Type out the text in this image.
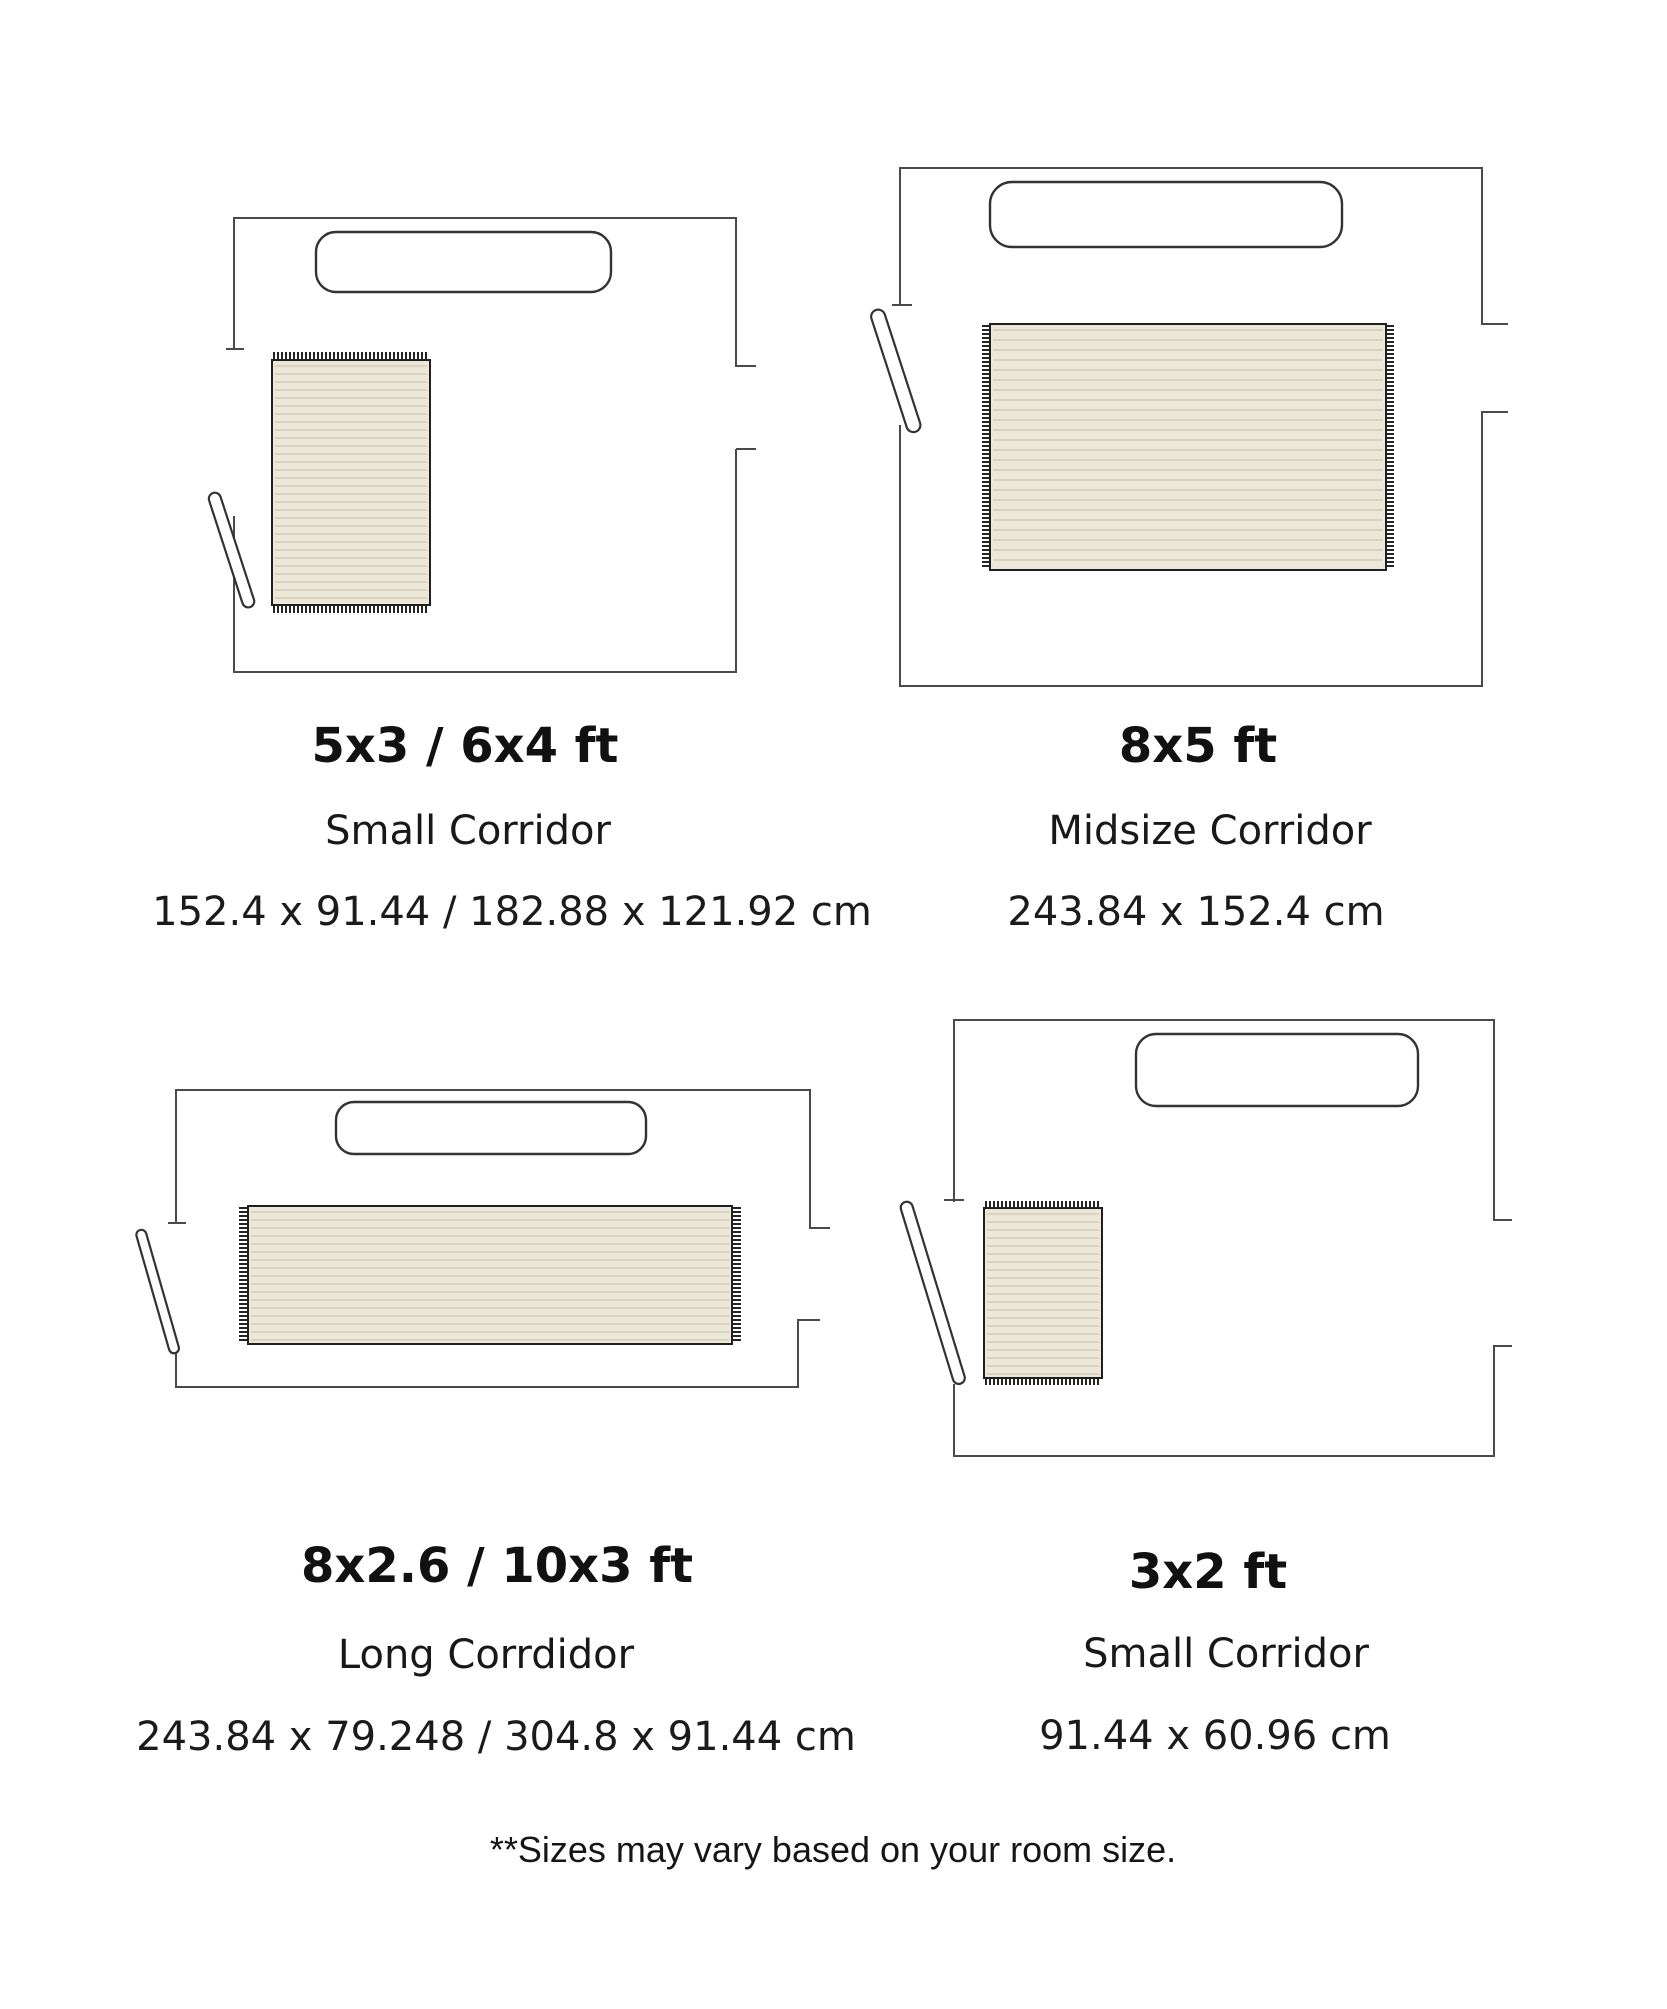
5x3 / 6x4 ft
Small Corridor
152.4 x 91.44 / 182.88 x 121.92 cm
8x5 ft
Midsize Corridor
243.84 x 152.4 cm
8x2.6 / 10x3 ft
Long Corrdidor
243.84 x 79.248 / 304.8 x 91.44 cm
3x2 ft
Small Corridor
91.44 x 60.96 cm
**Sizes may vary based on your room size.
